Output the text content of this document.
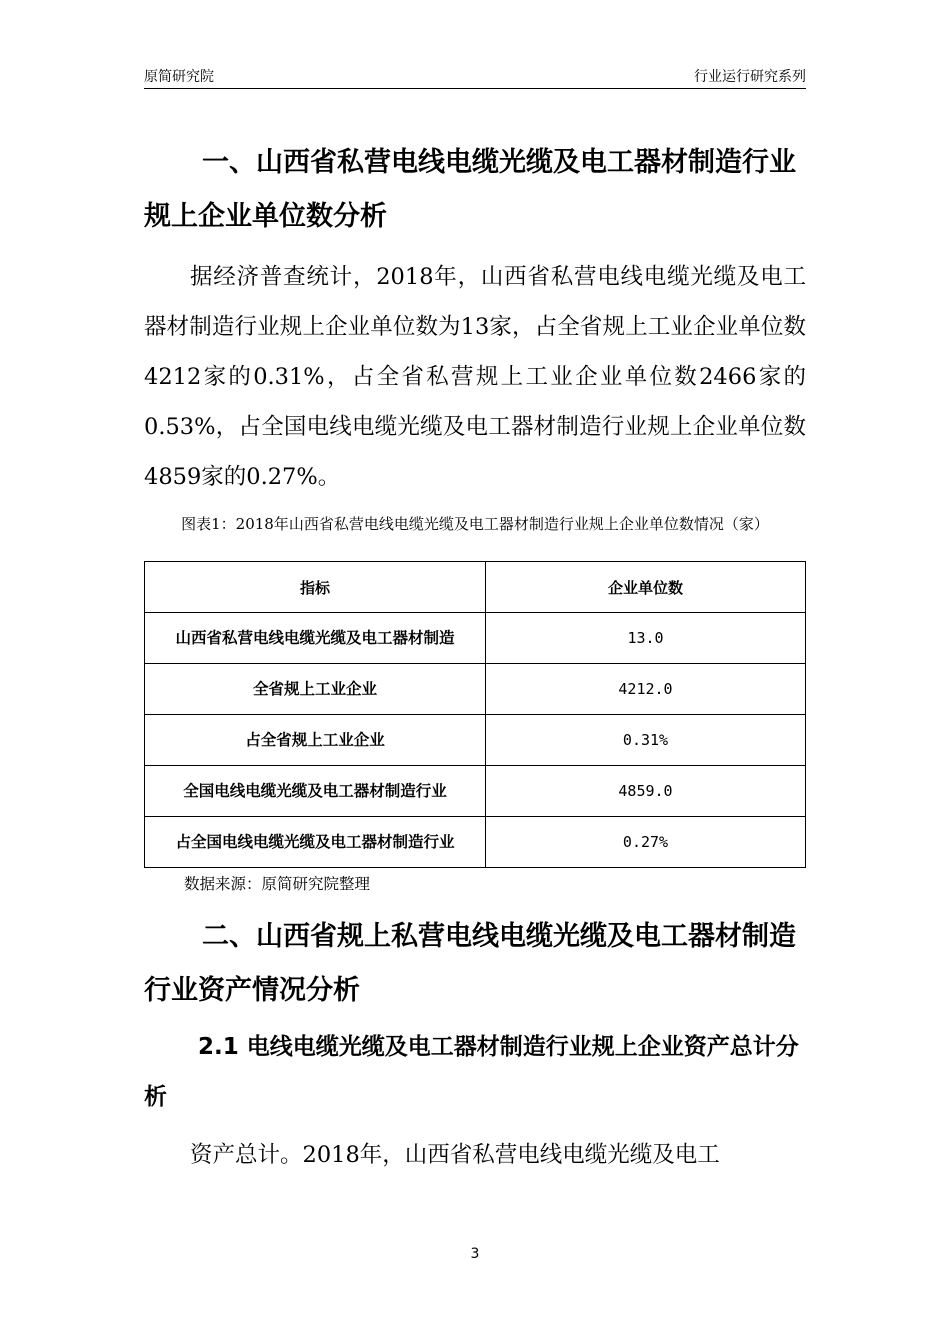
原简研究院	行业运行研究系列
一、山西省私营电线电缆光缆及电工器材制造行业规上企业单位数分析

据经济普查统计，2018年，山西省私营电线电缆光缆及电工器材制造行业规上企业单位数为13家，占全省规上工业企业单位数4212家的0.31%，占全省私营规上工业企业单位数2466家的0.53%，占全国电线电缆光缆及电工器材制造行业规上企业单位数4859家的0.27%。

图表1：2018年山西省私营电线电缆光缆及电工器材制造行业规上企业单位数情况（家）
指标	企业单位数
山西省私营电线电缆光缆及电工器材制造	13.0
全省规上工业企业	4212.0
占全省规上工业企业	0.31%
全国电线电缆光缆及电工器材制造行业	4859.0
占全国电线电缆光缆及电工器材制造行业	0.27%
数据来源：原简研究院整理
二、山西省规上私营电线电缆光缆及电工器材制造行业资产情况分析
2.1 电线电缆光缆及电工器材制造行业规上企业资产总计分析

资产总计。2018年，山西省私营电线电缆光缆及电工

3
